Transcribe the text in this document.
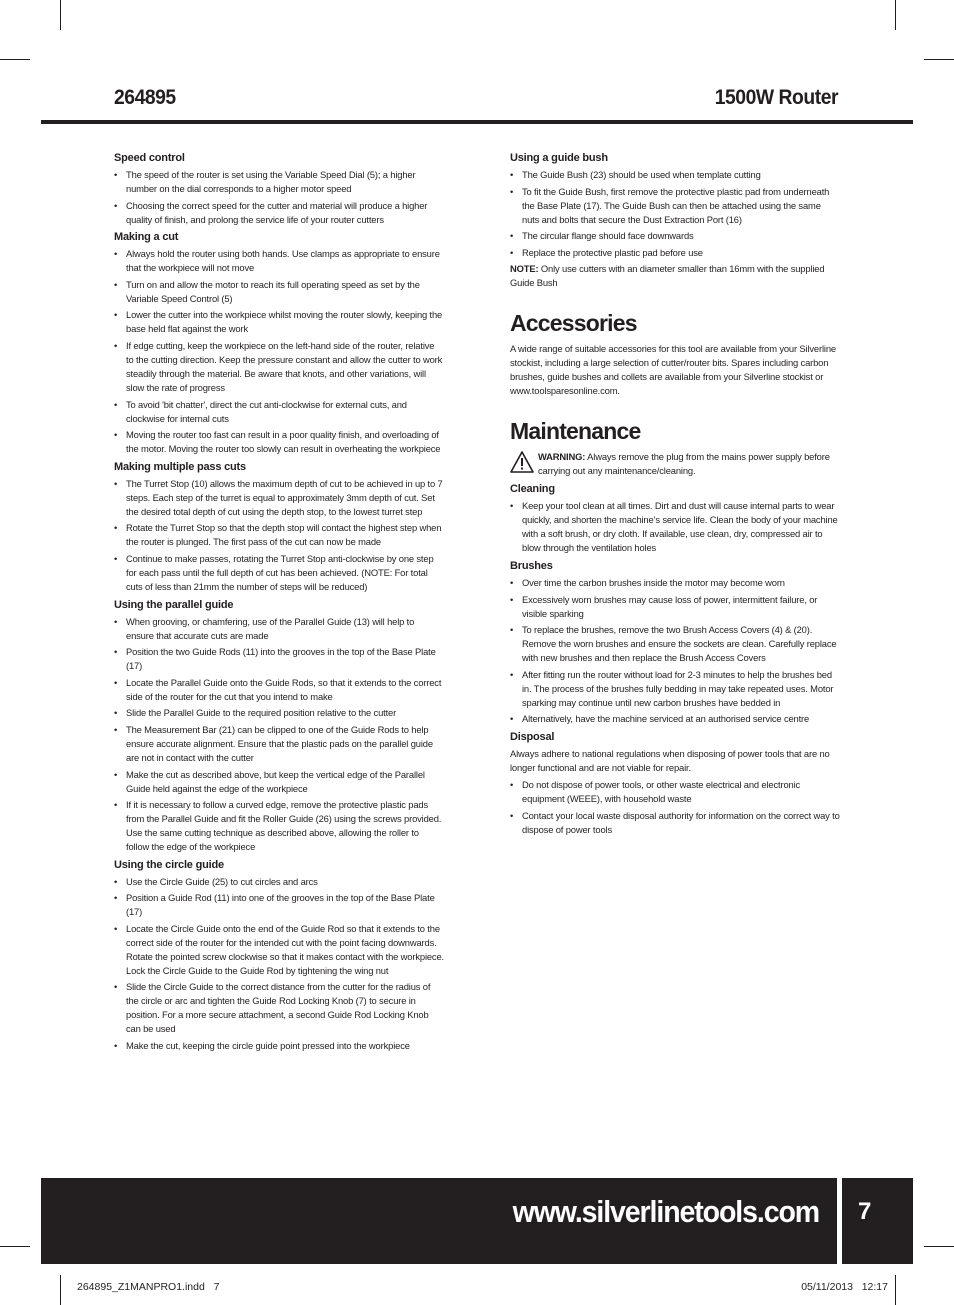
264895	1500W Router
Speed control
• The speed of the router is set using the Variable Speed Dial (5); a higher number on the dial corresponds to a higher motor speed
• Choosing the correct speed for the cutter and material will produce a higher quality of finish, and prolong the service life of your router cutters
Making a cut
• Always hold the router using both hands. Use clamps as appropriate to ensure that the workpiece will not move
• Turn on and allow the motor to reach its full operating speed as set by the Variable Speed Control (5)
• Lower the cutter into the workpiece whilst moving the router slowly, keeping the base held flat against the work
• If edge cutting, keep the workpiece on the left-hand side of the router, relative to the cutting direction. Keep the pressure constant and allow the cutter to work steadily through the material. Be aware that knots, and other variations, will slow the rate of progress
• To avoid 'bit chatter', direct the cut anti-clockwise for external cuts, and clockwise for internal cuts
• Moving the router too fast can result in a poor quality finish, and overloading of the motor. Moving the router too slowly can result in overheating the workpiece
Making multiple pass cuts
• The Turret Stop (10) allows the maximum depth of cut to be achieved in up to 7 steps. Each step of the turret is equal to approximately 3mm depth of cut. Set the desired total depth of cut using the depth stop, to the lowest turret step
• Rotate the Turret Stop so that the depth stop will contact the highest step when the router is plunged. The first pass of the cut can now be made
• Continue to make passes, rotating the Turret Stop anti-clockwise by one step for each pass until the full depth of cut has been achieved. (NOTE: For total cuts of less than 21mm the number of steps will be reduced)
Using the parallel guide
• When grooving, or chamfering, use of the Parallel Guide (13) will help to ensure that accurate cuts are made
• Position the two Guide Rods (11) into the grooves in the top of the Base Plate (17)
• Locate the Parallel Guide onto the Guide Rods, so that it extends to the correct side of the router for the cut that you intend to make
• Slide the Parallel Guide to the required position relative to the cutter
• The Measurement Bar (21) can be clipped to one of the Guide Rods to help ensure accurate alignment. Ensure that the plastic pads on the parallel guide are not in contact with the cutter
• Make the cut as described above, but keep the vertical edge of the Parallel Guide held against the edge of the workpiece
• If it is necessary to follow a curved edge, remove the protective plastic pads from the Parallel Guide and fit the Roller Guide (26) using the screws provided. Use the same cutting technique as described above, allowing the roller to follow the edge of the workpiece
Using the circle guide
• Use the Circle Guide (25) to cut circles and arcs
• Position a Guide Rod (11) into one of the grooves in the top of the Base Plate (17)
• Locate the Circle Guide onto the end of the Guide Rod so that it extends to the correct side of the router for the intended cut with the point facing downwards. Rotate the pointed screw clockwise so that it makes contact with the workpiece. Lock the Circle Guide to the Guide Rod by tightening the wing nut
• Slide the Circle Guide to the correct distance from the cutter for the radius of the circle or arc and tighten the Guide Rod Locking Knob (7) to secure in position. For a more secure attachment, a second Guide Rod Locking Knob can be used
• Make the cut, keeping the circle guide point pressed into the workpiece
Using a guide bush
• The Guide Bush (23) should be used when template cutting
• To fit the Guide Bush, first remove the protective plastic pad from underneath the Base Plate (17). The Guide Bush can then be attached using the same nuts and bolts that secure the Dust Extraction Port (16)
• The circular flange should face downwards
• Replace the protective plastic pad before use

NOTE: Only use cutters with an diameter smaller than 16mm with the supplied Guide Bush

Accessories

A wide range of suitable accessories for this tool are available from your Silverline stockist, including a large selection of cutter/router bits. Spares including carbon brushes, guide bushes and collets are available from your Silverline stockist or www.toolsparesonline.com.

Maintenance

WARNING: Always remove the plug from the mains power supply before carrying out any maintenance/cleaning.

Cleaning
• Keep your tool clean at all times. Dirt and dust will cause internal parts to wear quickly, and shorten the machine’s service life. Clean the body of your machine with a soft brush, or dry cloth. If available, use clean, dry, compressed air to blow through the ventilation holes
Brushes
• Over time the carbon brushes inside the motor may become worn
• Excessively worn brushes may cause loss of power, intermittent failure, or visible sparking
• To replace the brushes, remove the two Brush Access Covers (4) & (20). Remove the worn brushes and ensure the sockets are clean. Carefully replace with new brushes and then replace the Brush Access Covers
• After fitting run the router without load for 2-3 minutes to help the brushes bed in. The process of the brushes fully bedding in may take repeated uses. Motor sparking may continue until new carbon brushes have bedded in
• Alternatively, have the machine serviced at an authorised service centre
Disposal

Always adhere to national regulations when disposing of power tools that are no longer functional and are not viable for repair.

• Do not dispose of power tools, or other waste electrical and electronic equipment (WEEE), with household waste
• Contact your local waste disposal authority for information on the correct way to dispose of power tools
www.silverlinetools.com 7
264895_Z1MANPRO1.indd   7	05/11/2013   12:17
